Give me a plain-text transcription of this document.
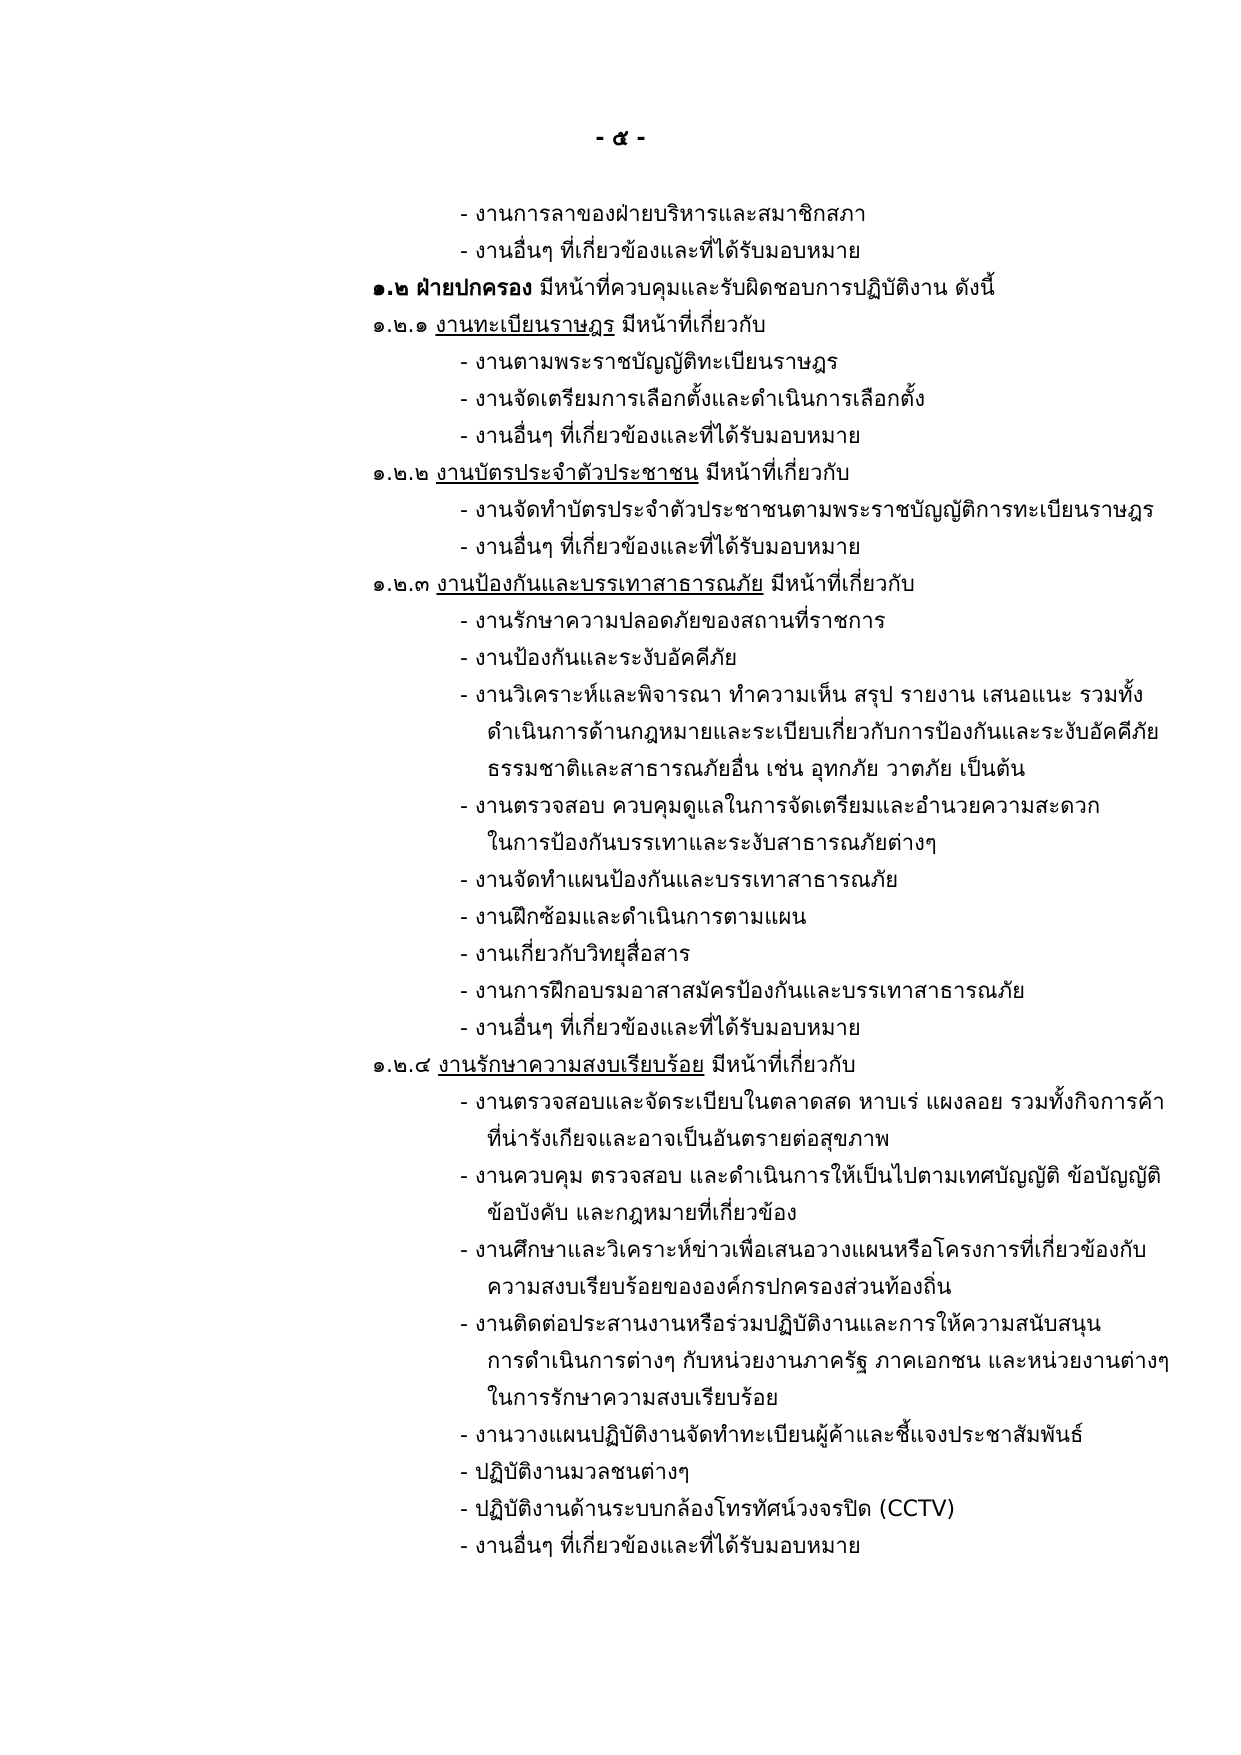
- ๕ -
- งานการลาของฝ่ายบริหารและสมาชิกสภา
- งานอื่นๆ ที่เกี่ยวข้องและที่ได้รับมอบหมาย
๑.๒ ฝ่ายปกครอง มีหน้าที่ควบคุมและรับผิดชอบการปฏิบัติงาน ดังนี้
๑.๒.๑ งานทะเบียนราษฎร มีหน้าที่เกี่ยวกับ
- งานตามพระราชบัญญัติทะเบียนราษฎร
- งานจัดเตรียมการเลือกตั้งและดำเนินการเลือกตั้ง
- งานอื่นๆ ที่เกี่ยวข้องและที่ได้รับมอบหมาย
๑.๒.๒ งานบัตรประจำตัวประชาชน มีหน้าที่เกี่ยวกับ
- งานจัดทำบัตรประจำตัวประชาชนตามพระราชบัญญัติการทะเบียนราษฎร
- งานอื่นๆ ที่เกี่ยวข้องและที่ได้รับมอบหมาย
๑.๒.๓ งานป้องกันและบรรเทาสาธารณภัย มีหน้าที่เกี่ยวกับ
- งานรักษาความปลอดภัยของสถานที่ราชการ
- งานป้องกันและระงับอัคคีภัย
- งานวิเคราะห์และพิจารณา ทำความเห็น สรุป รายงาน เสนอแนะ รวมทั้ง
ดำเนินการด้านกฎหมายและระเบียบเกี่ยวกับการป้องกันและระงับอัคคีภัย
ธรรมชาติและสาธารณภัยอื่น เช่น อุทกภัย วาตภัย เป็นต้น
- งานตรวจสอบ ควบคุมดูแลในการจัดเตรียมและอำนวยความสะดวก
ในการป้องกันบรรเทาและระงับสาธารณภัยต่างๆ
- งานจัดทำแผนป้องกันและบรรเทาสาธารณภัย
- งานฝึกซ้อมและดำเนินการตามแผน
- งานเกี่ยวกับวิทยุสื่อสาร
- งานการฝึกอบรมอาสาสมัครป้องกันและบรรเทาสาธารณภัย
- งานอื่นๆ ที่เกี่ยวข้องและที่ได้รับมอบหมาย
๑.๒.๔ งานรักษาความสงบเรียบร้อย มีหน้าที่เกี่ยวกับ
- งานตรวจสอบและจัดระเบียบในตลาดสด หาบเร่ แผงลอย รวมทั้งกิจการค้า
ที่น่ารังเกียจและอาจเป็นอันตรายต่อสุขภาพ
- งานควบคุม ตรวจสอบ และดำเนินการให้เป็นไปตามเทศบัญญัติ ข้อบัญญัติ
ข้อบังคับ และกฎหมายที่เกี่ยวข้อง
- งานศึกษาและวิเคราะห์ข่าวเพื่อเสนอวางแผนหรือโครงการที่เกี่ยวข้องกับ
ความสงบเรียบร้อยขององค์กรปกครองส่วนท้องถิ่น
- งานติดต่อประสานงานหรือร่วมปฏิบัติงานและการให้ความสนับสนุน
การดำเนินการต่างๆ กับหน่วยงานภาครัฐ ภาคเอกชน และหน่วยงานต่างๆ
ในการรักษาความสงบเรียบร้อย
- งานวางแผนปฏิบัติงานจัดทำทะเบียนผู้ค้าและชี้แจงประชาสัมพันธ์
- ปฏิบัติงานมวลชนต่างๆ
- ปฏิบัติงานด้านระบบกล้องโทรทัศน์วงจรปิด (CCTV)
- งานอื่นๆ ที่เกี่ยวข้องและที่ได้รับมอบหมาย
